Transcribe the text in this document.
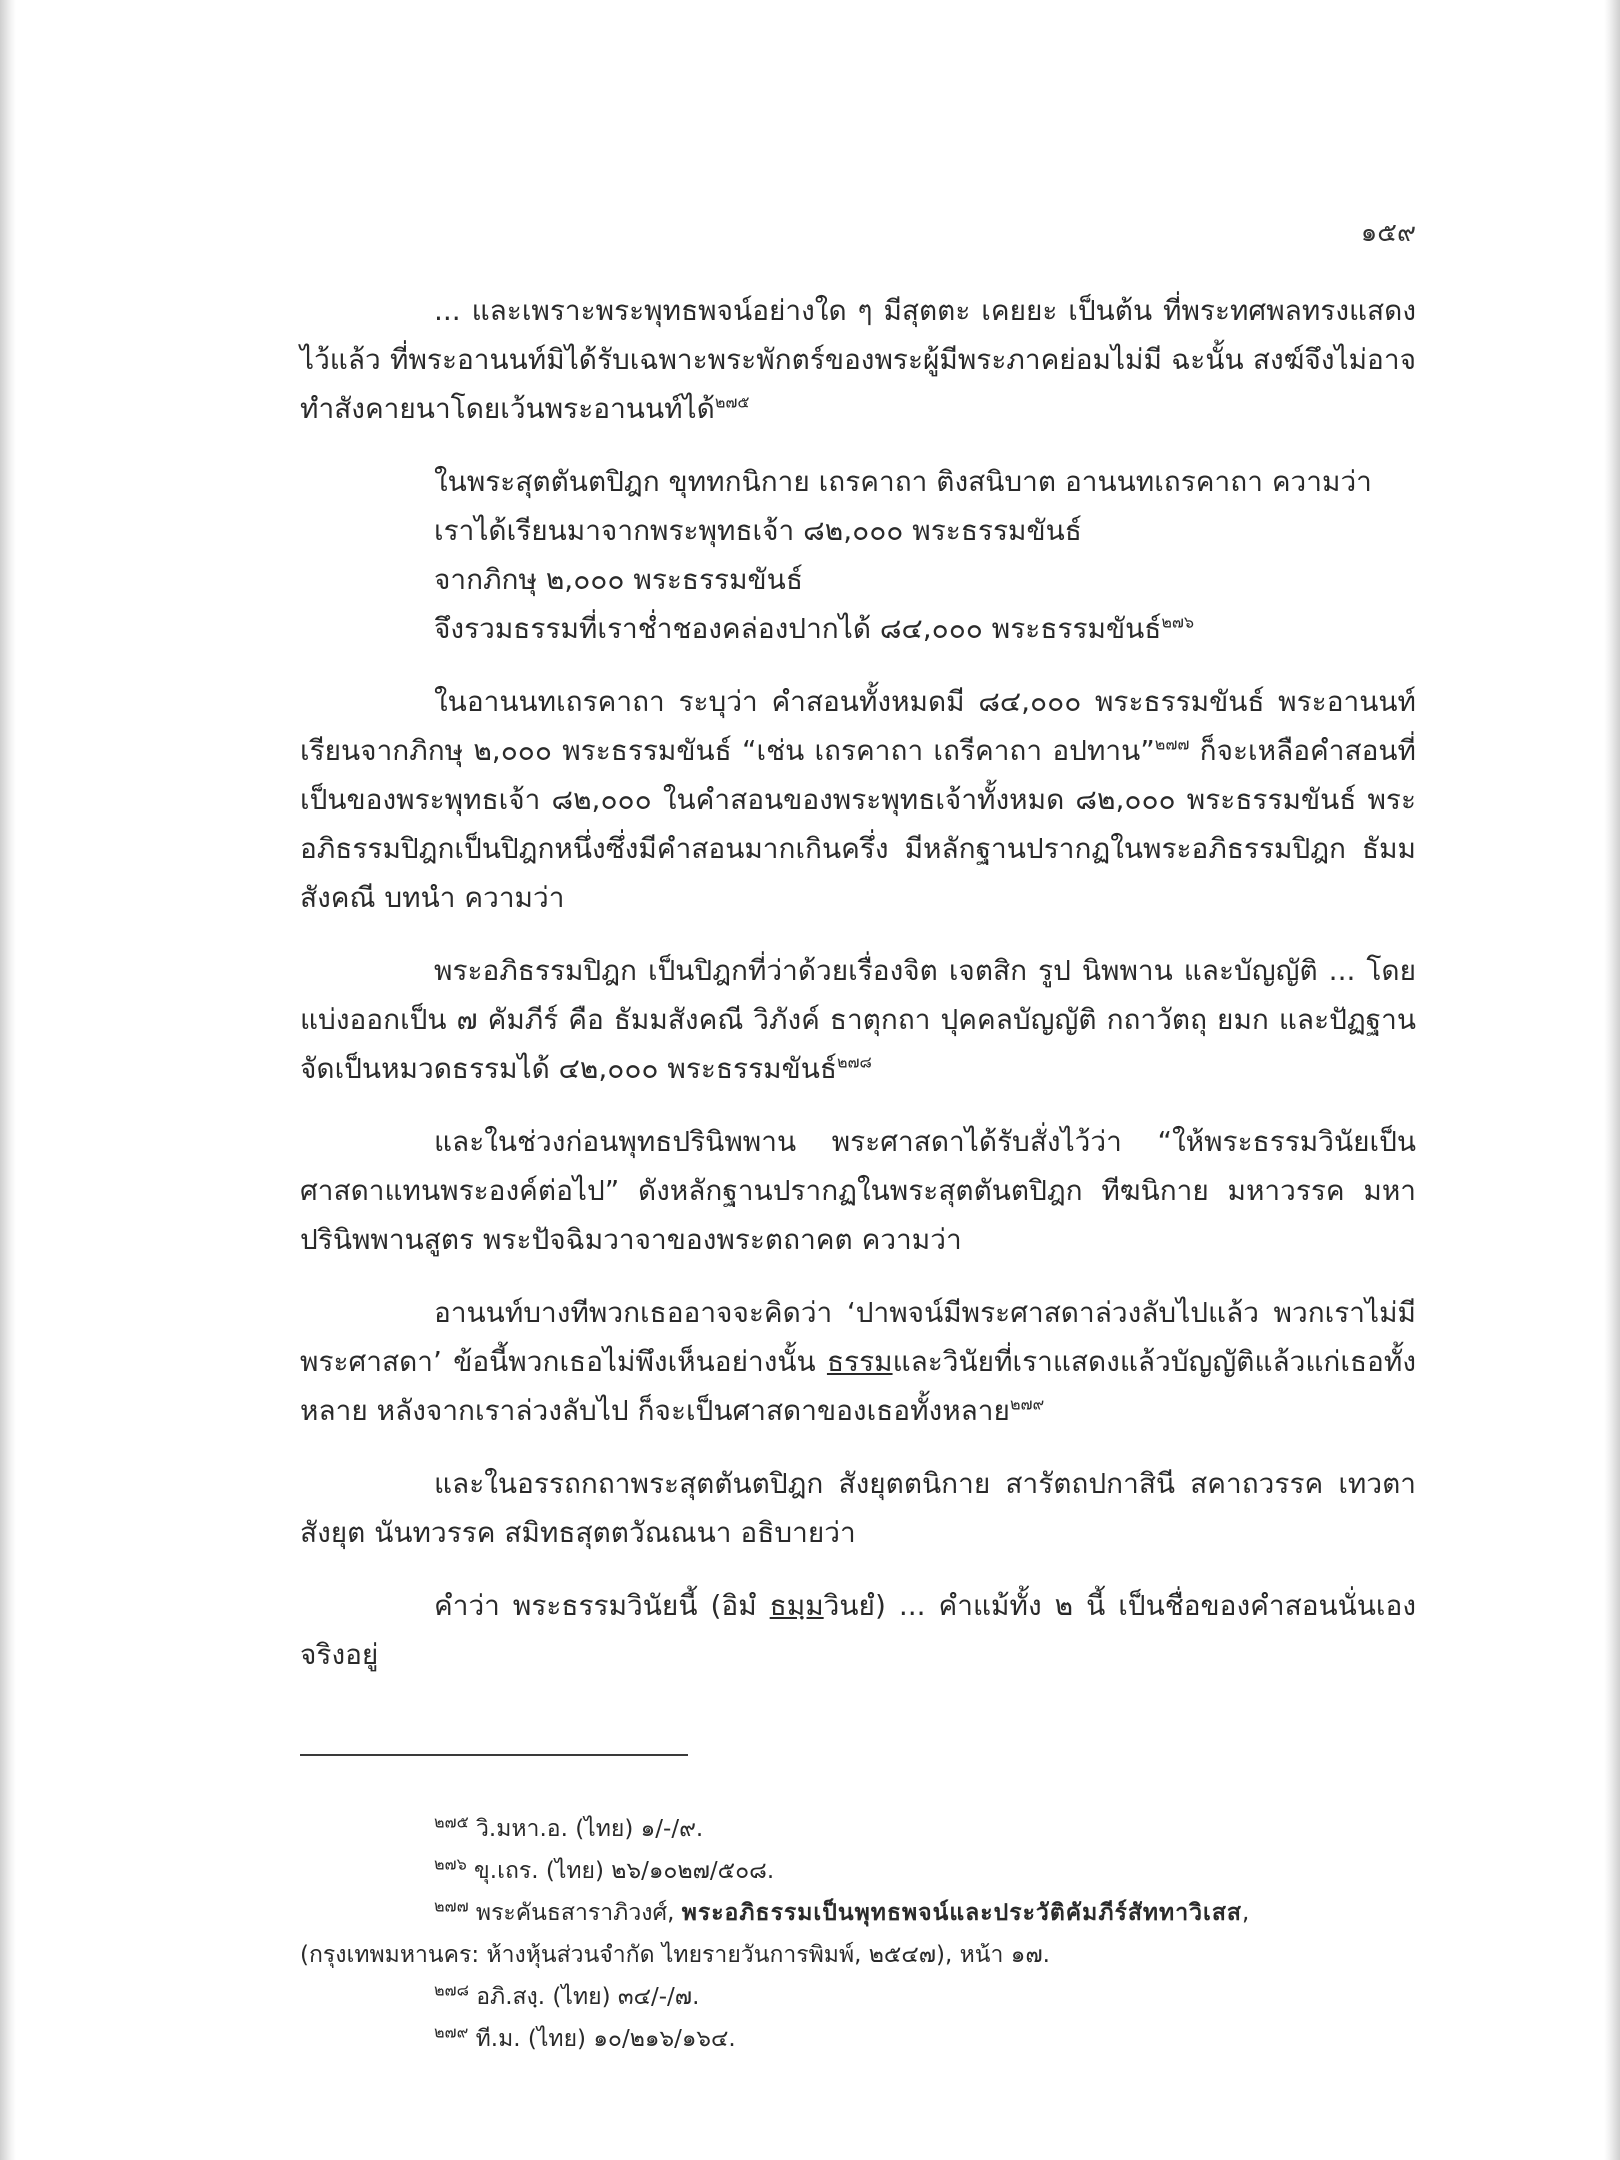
๑๕๙

... และเพราะพระพุทธพจน์อย่างใด ๆ มีสุตตะ เคยยะ เป็นต้น ที่พระทศพลทรงแสดงไว้แล้ว ที่พระอานนท์มิได้รับเฉพาะพระพักตร์ของพระผู้มีพระภาคย่อมไม่มี ฉะนั้น สงฆ์จึงไม่อาจทำสังคายนาโดยเว้นพระอานนท์ได้$^{๒๗๕}$

ในพระสุตตันตปิฎก ขุททกนิกาย เถรคาถา ติงสนิบาต อานนทเถรคาถา ความว่า

เราได้เรียนมาจากพระพุทธเจ้า ๘๒,๐๐๐ พระธรรมขันธ์

จากภิกษุ ๒,๐๐๐ พระธรรมขันธ์

จึงรวมธรรมที่เราช่ำชองคล่องปากได้ ๘๔,๐๐๐ พระธรรมขันธ์$^{๒๗๖}$

ในอานนทเถรคาถา ระบุว่า คำสอนทั้งหมดมี ๘๔,๐๐๐ พระธรรมขันธ์ พระอานนท์เรียนจากภิกษุ ๒,๐๐๐ พระธรรมขันธ์ “เช่น เถรคาถา เถรีคาถา อปทาน”$^{๒๗๗}$ ก็จะเหลือคำสอนที่เป็นของพระพุทธเจ้า ๘๒,๐๐๐ ในคำสอนของพระพุทธเจ้าทั้งหมด ๘๒,๐๐๐ พระธรรมขันธ์ พระอภิธรรมปิฎกเป็นปิฎกหนึ่งซึ่งมีคำสอนมากเกินครึ่ง มีหลักฐานปรากฏในพระอภิธรรมปิฎก ธัมมสังคณี บทนำ ความว่า

พระอภิธรรมปิฎก เป็นปิฎกที่ว่าด้วยเรื่องจิต เจตสิก รูป นิพพาน และบัญญัติ ... โดยแบ่งออกเป็น ๗ คัมภีร์ คือ ธัมมสังคณี วิภังค์ ธาตุกถา ปุคคลบัญญัติ กถาวัตถุ ยมก และปัฏฐาน จัดเป็นหมวดธรรมได้ ๔๒,๐๐๐ พระธรรมขันธ์$^{๒๗๘}$

และในช่วงก่อนพุทธปรินิพพาน พระศาสดาได้รับสั่งไว้ว่า “ให้พระธรรมวินัยเป็นศาสดาแทนพระองค์ต่อไป” ดังหลักฐานปรากฏในพระสุตตันตปิฎก ทีฆนิกาย มหาวรรค มหาปรินิพพานสูตร พระปัจฉิมวาจาของพระตถาคต ความว่า

อานนท์บางทีพวกเธออาจจะคิดว่า ‘ปาพจน์มีพระศาสดาล่วงลับไปแล้ว พวกเราไม่มีพระศาสดา’ ข้อนี้พวกเธอไม่พึงเห็นอย่างนั้น ธรรมและวินัยที่เราแสดงแล้วบัญญัติแล้วแก่เธอทั้งหลาย หลังจากเราล่วงลับไป ก็จะเป็นศาสดาของเธอทั้งหลาย$^{๒๗๙}$

และในอรรถกถาพระสุตตันตปิฎก สังยุตตนิกาย สารัตถปกาสินี สคาถวรรค เทวตาสังยุต นันทวรรค สมิทธสุตตวัณณนา อธิบายว่า

คำว่า พระธรรมวินัยนี้ (อิมํ ธมฺมวินยํ) ... คำแม้ทั้ง ๒ นี้ เป็นชื่อของคำสอนนั่นเอง จริงอยู่

$^{๒๗๕}$ วิ.มหา.อ. (ไทย) ๑/-/๙.

$^{๒๗๖}$ ขุ.เถร. (ไทย) ๒๖/๑๐๒๗/๕๐๘.

$^{๒๗๗}$ พระคันธสาราภิวงศ์, พระอภิธรรมเป็นพุทธพจน์และประวัติคัมภีร์สัททาวิเสส,

(กรุงเทพมหานคร: ห้างหุ้นส่วนจำกัด ไทยรายวันการพิมพ์, ๒๕๔๗), หน้า ๑๗.

$^{๒๗๘}$ อภิ.สงฺ. (ไทย) ๓๔/-/๗.

$^{๒๗๙}$ ที.ม. (ไทย) ๑๐/๒๑๖/๑๖๔.
